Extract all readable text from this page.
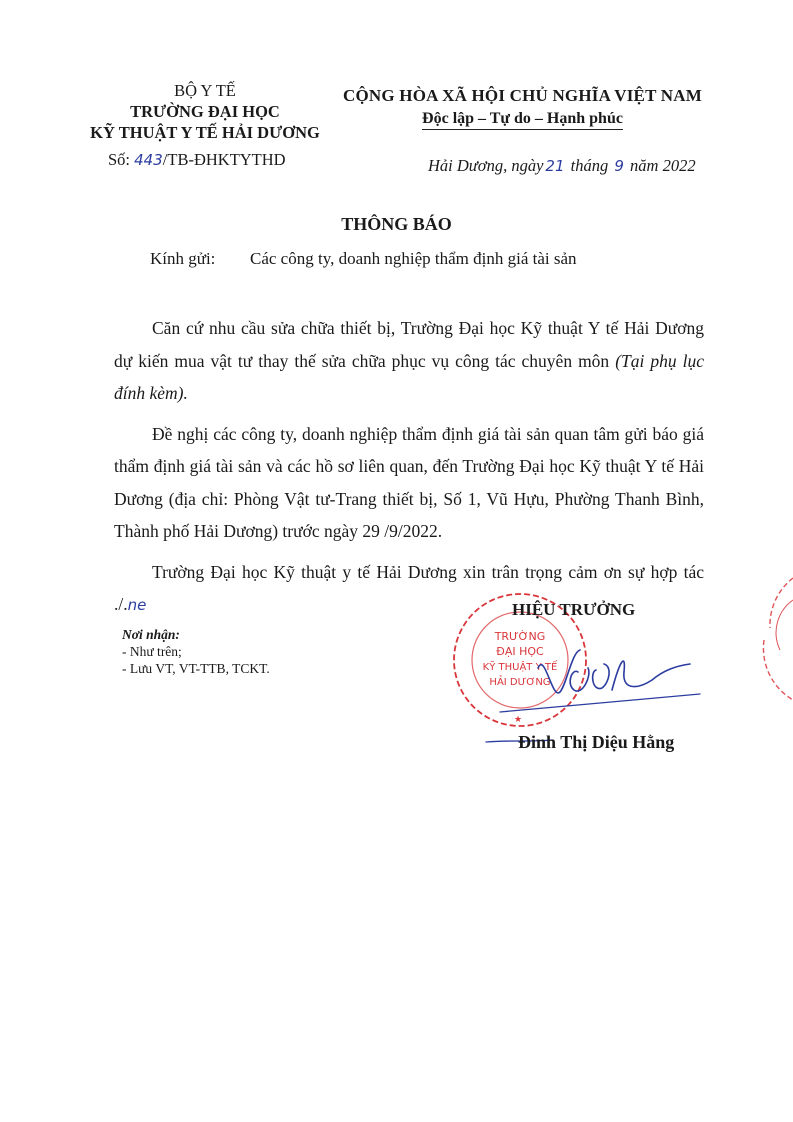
BỘ Y TẾ
TRƯỜNG ĐẠI HỌC
KỸ THUẬT Y TẾ HẢI DƯƠNG
Số: 443/TB-ĐHKTYTHD
CỘNG HÒA XÃ HỘI CHỦ NGHĨA VIỆT NAM
Độc lập – Tự do – Hạnh phúc
Hải Dương, ngày 21 tháng 9 năm 2022
THÔNG BÁO
Kính gửi: Các công ty, doanh nghiệp thẩm định giá tài sản

Căn cứ nhu cầu sửa chữa thiết bị, Trường Đại học Kỹ thuật Y tế Hải Dương dự kiến mua vật tư thay thế sửa chữa phục vụ công tác chuyên môn (Tại phụ lục đính kèm).

Đề nghị các công ty, doanh nghiệp thẩm định giá tài sản quan tâm gửi báo giá thẩm định giá tài sản và các hồ sơ liên quan, đến Trường Đại học Kỹ thuật Y tế Hải Dương (địa chỉ: Phòng Vật tư-Trang thiết bị, Số 1, Vũ Hựu, Phường Thanh Bình, Thành phố Hải Dương) trước ngày 29 /9/2022.

Trường Đại học Kỹ thuật y tế Hải Dương xin trân trọng cảm ơn sự hợp tác ./.ne

Nơi nhận:
- Như trên;
- Lưu VT, VT-TTB, TCKT.
TRƯỜNG
ĐẠI HỌC
KỸ THUẬT Y TẾ
HẢI DƯƠNG
★
HIỆU TRƯỞNG
Đinh Thị Diệu Hằng
